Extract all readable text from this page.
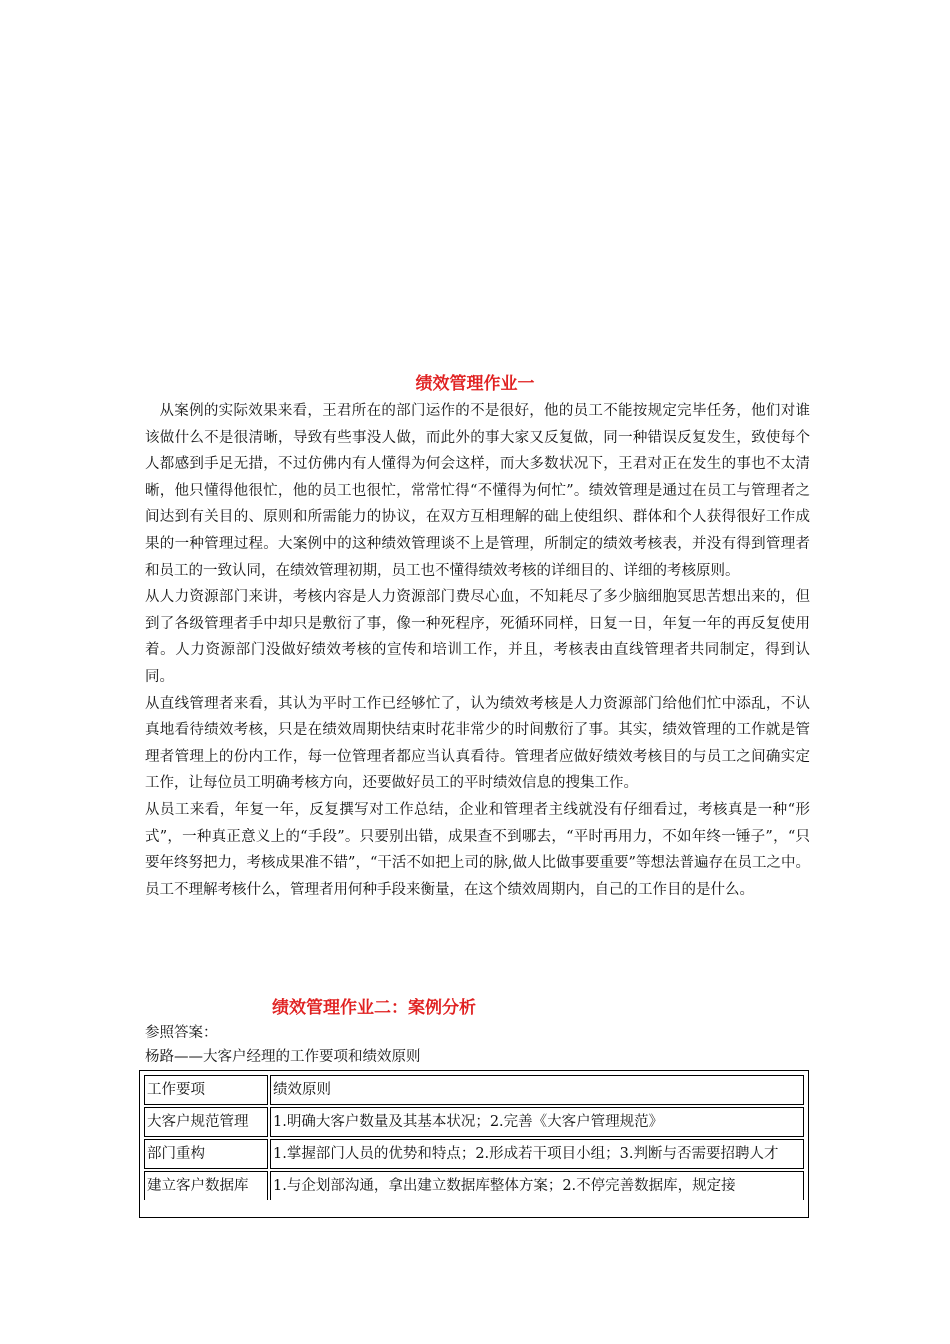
绩效管理作业一

从案例的实际效果来看，王君所在的部门运作的不是很好，他的员工不能按规定完毕任务，他们对谁该做什么不是很清晰，导致有些事没人做，而此外的事大家又反复做，同一种错误反复发生，致使每个人都感到手足无措，不过仿佛内有人懂得为何会这样，而大多数状况下，王君对正在发生的事也不太清晰，他只懂得他很忙，他的员工也很忙，常常忙得“不懂得为何忙”。绩效管理是通过在员工与管理者之间达到有关目的、原则和所需能力的协议，在双方互相理解的础上使组织、群体和个人获得很好工作成果的一种管理过程。大案例中的这种绩效管理谈不上是管理，所制定的绩效考核表，并没有得到管理者和员工的一致认同，在绩效管理初期，员工也不懂得绩效考核的详细目的、详细的考核原则。

从人力资源部门来讲，考核内容是人力资源部门费尽心血，不知耗尽了多少脑细胞冥思苦想出来的，但到了各级管理者手中却只是敷衍了事，像一种死程序，死循环同样，日复一日，年复一年的再反复使用着。人力资源部门没做好绩效考核的宣传和培训工作，并且，考核表由直线管理者共同制定，得到认同。

从直线管理者来看，其认为平时工作已经够忙了，认为绩效考核是人力资源部门给他们忙中添乱，不认真地看待绩效考核，只是在绩效周期快结束时花非常少的时间敷衍了事。其实，绩效管理的工作就是管理者管理上的份内工作，每一位管理者都应当认真看待。管理者应做好绩效考核目的与员工之间确实定工作，让每位员工明确考核方向，还要做好员工的平时绩效信息的搜集工作。

从员工来看，年复一年，反复撰写对工作总结，企业和管理者主线就没有仔细看过，考核真是一种“形式”，一种真正意义上的“手段”。只要别出错，成果查不到哪去，“平时再用力，不如年终一锤子”，“只要年终努把力，考核成果准不错”，“干活不如把上司的脉,做人比做事要重要”等想法普遍存在员工之中。员工不理解考核什么，管理者用何种手段来衡量，在这个绩效周期内，自己的工作目的是什么。

绩效管理作业二：案例分析
参照答案：
杨路——大客户经理的工作要项和绩效原则
工作要项	绩效原则
大客户规范管理	1.明确大客户数量及其基本状况；2.完善《大客户管理规范》
部门重构	1.掌握部门人员的优势和特点；2.形成若干项目小组；3.判断与否需要招聘人才
建立客户数据库	1.与企划部沟通，拿出建立数据库整体方案；2.不停完善数据库，规定接
